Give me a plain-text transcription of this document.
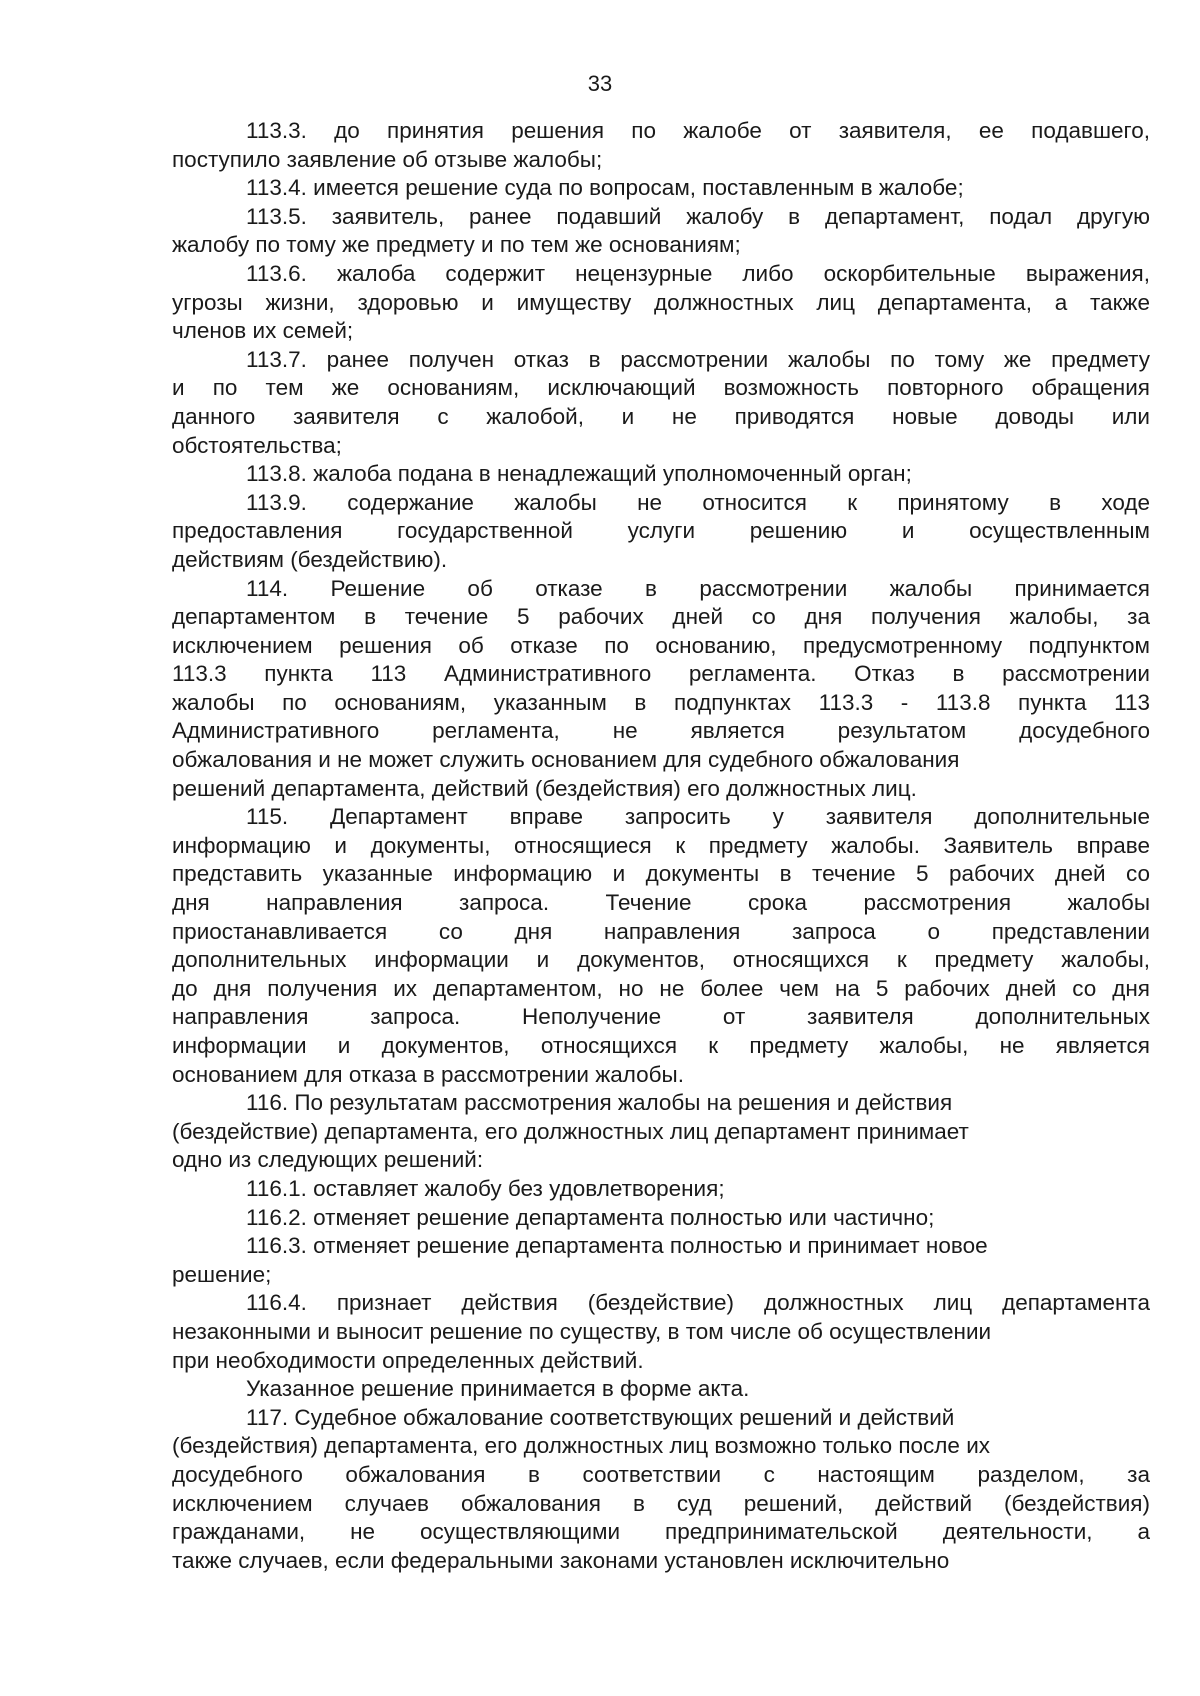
33
113.3. до принятия решения по жалобе от заявителя, ее подавшего,
поступило заявление об отзыве жалобы;
113.4. имеется решение суда по вопросам, поставленным в жалобе;
113.5. заявитель, ранее подавший жалобу в департамент, подал другую
жалобу по тому же предмету и по тем же основаниям;
113.6. жалоба содержит нецензурные либо оскорбительные выражения,
угрозы жизни, здоровью и имуществу должностных лиц департамента, а также
членов их семей;
113.7. ранее получен отказ в рассмотрении жалобы по тому же предмету
и по тем же основаниям, исключающий возможность повторного обращения
данного заявителя с жалобой, и не приводятся новые доводы или
обстоятельства;
113.8. жалоба подана в ненадлежащий уполномоченный орган;
113.9. содержание жалобы не относится к принятому в ходе
предоставления государственной услуги решению и осуществленным
действиям (бездействию).
114. Решение об отказе в рассмотрении жалобы принимается
департаментом в течение 5 рабочих дней со дня получения жалобы, за
исключением решения об отказе по основанию, предусмотренному подпунктом
113.3 пункта 113 Административного регламента. Отказ в рассмотрении
жалобы по основаниям, указанным в подпунктах 113.3 - 113.8 пункта 113
Административного регламента, не является результатом досудебного
обжалования и не может служить основанием для судебного обжалования
решений департамента, действий (бездействия) его должностных лиц.
115. Департамент вправе запросить у заявителя дополнительные
информацию и документы, относящиеся к предмету жалобы. Заявитель вправе
представить указанные информацию и документы в течение 5 рабочих дней со
дня направления запроса. Течение срока рассмотрения жалобы
приостанавливается со дня направления запроса о представлении
дополнительных информации и документов, относящихся к предмету жалобы,
до дня получения их департаментом, но не более чем на 5 рабочих дней со дня
направления запроса. Неполучение от заявителя дополнительных
информации и документов, относящихся к предмету жалобы, не является
основанием для отказа в рассмотрении жалобы.
116. По результатам рассмотрения жалобы на решения и действия
(бездействие) департамента, его должностных лиц департамент принимает
одно из следующих решений:
116.1. оставляет жалобу без удовлетворения;
116.2. отменяет решение департамента полностью или частично;
116.3. отменяет решение департамента полностью и принимает новое
решение;
116.4. признает действия (бездействие) должностных лиц департамента
незаконными и выносит решение по существу, в том числе об осуществлении
при необходимости определенных действий.
Указанное решение принимается в форме акта.
117. Судебное обжалование соответствующих решений и действий
(бездействия) департамента, его должностных лиц возможно только после их
досудебного обжалования в соответствии с настоящим разделом, за
исключением случаев обжалования в суд решений, действий (бездействия)
гражданами, не осуществляющими предпринимательской деятельности, а
также случаев, если федеральными законами установлен исключительно
